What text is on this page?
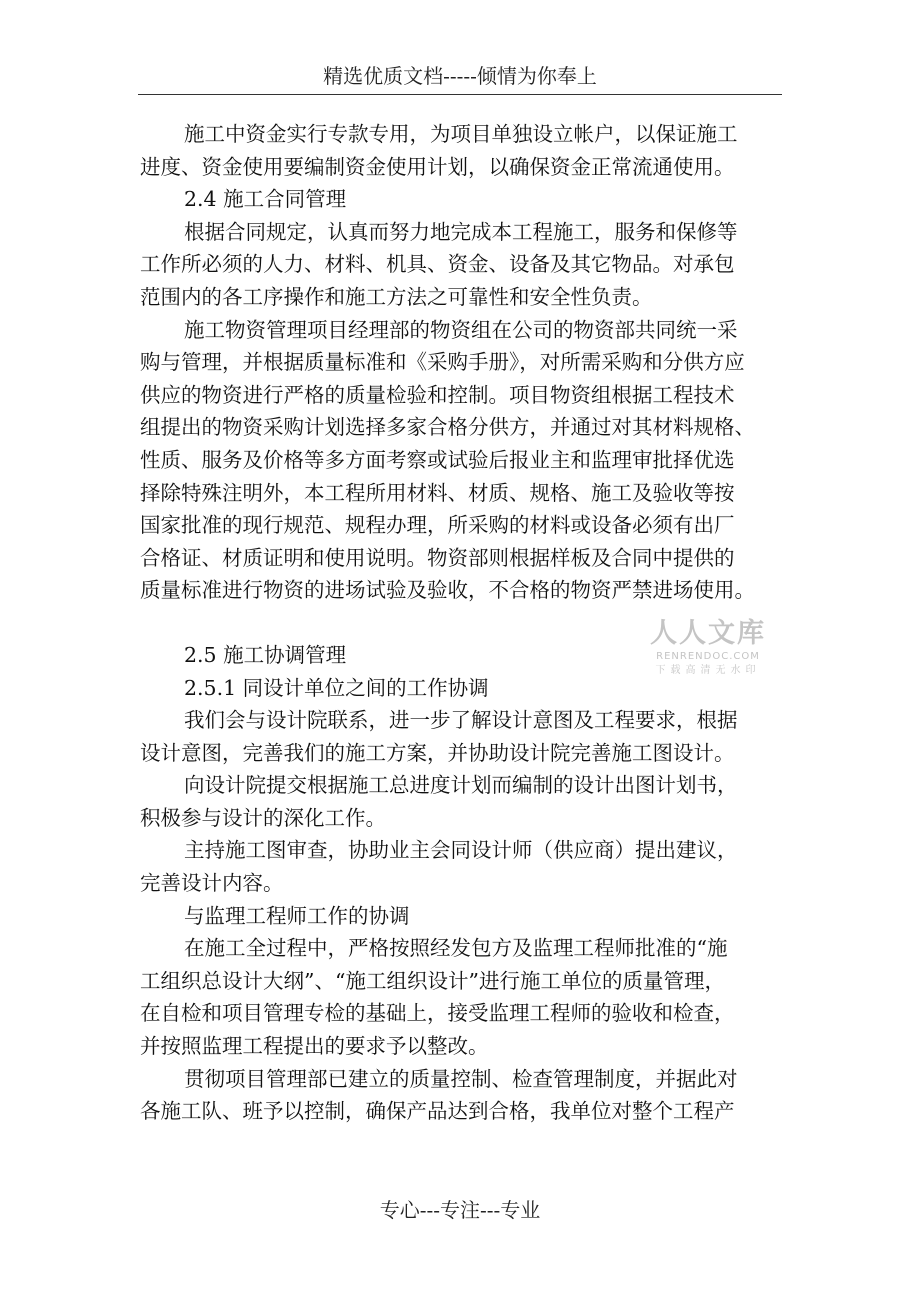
精选优质文档-----倾情为你奉上
施工中资金实行专款专用，为项目单独设立帐户，以保证施工
进度、资金使用要编制资金使用计划，以确保资金正常流通使用。
2.4 施工合同管理
根据合同规定，认真而努力地完成本工程施工，服务和保修等
工作所必须的人力、材料、机具、资金、设备及其它物品。对承包
范围内的各工序操作和施工方法之可靠性和安全性负责。
施工物资管理项目经理部的物资组在公司的物资部共同统一采
购与管理，并根据质量标准和《采购手册》，对所需采购和分供方应
供应的物资进行严格的质量检验和控制。项目物资组根据工程技术
组提出的物资采购计划选择多家合格分供方，并通过对其材料规格、
性质、服务及价格等多方面考察或试验后报业主和监理审批择优选
择除特殊注明外，本工程所用材料、材质、规格、施工及验收等按
国家批准的现行规范、规程办理，所采购的材料或设备必须有出厂
合格证、材质证明和使用说明。物资部则根据样板及合同中提供的
质量标准进行物资的进场试验及验收，不合格的物资严禁进场使用。
2.5 施工协调管理
2.5.1 同设计单位之间的工作协调
我们会与设计院联系，进一步了解设计意图及工程要求，根据
设计意图，完善我们的施工方案，并协助设计院完善施工图设计。
向设计院提交根据施工总进度计划而编制的设计出图计划书，
积极参与设计的深化工作。
主持施工图审查，协助业主会同设计师（供应商）提出建议，
完善设计内容。
与监理工程师工作的协调
在施工全过程中，严格按照经发包方及监理工程师批准的“施
工组织总设计大纲”、“施工组织设计”进行施工单位的质量管理，
在自检和项目管理专检的基础上，接受监理工程师的验收和检查，
并按照监理工程提出的要求予以整改。
贯彻项目管理部已建立的质量控制、检查管理制度，并据此对
各施工队、班予以控制，确保产品达到合格，我单位对整个工程产
人人文库
RENRENDOC.COM
下载高清无水印
专心---专注---专业
